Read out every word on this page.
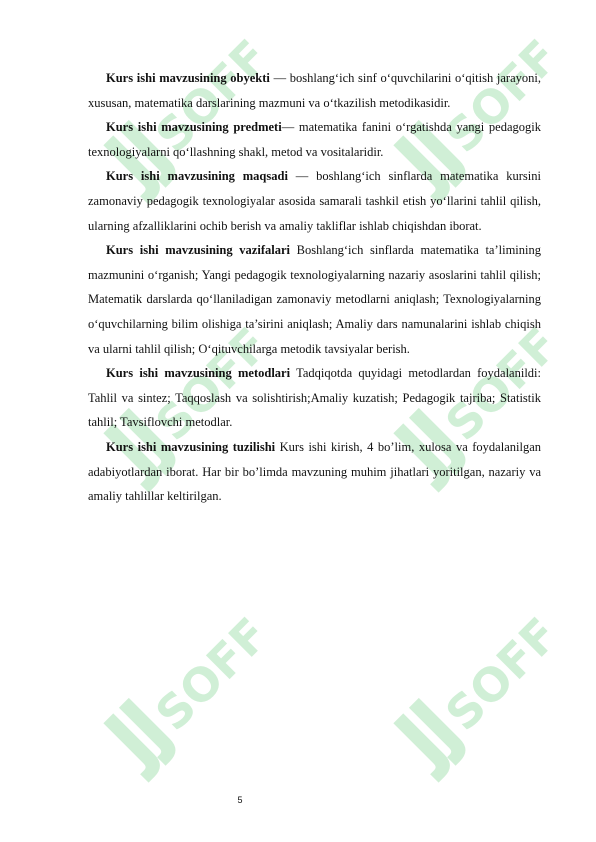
Kurs ishi mavzusining obyekti — boshlang‘ich sinf o‘quvchilarini o‘qitish jarayoni, xususan, matematika darslarining mazmuni va o‘tkazilish metodikasidir.

Kurs ishi mavzusining predmeti— matematika fanini o‘rgatishda yangi pedagogik texnologiyalarni qo‘llashning shakl, metod va vositalaridir.

Kurs ishi mavzusining maqsadi — boshlang‘ich sinflarda matematika kursini zamonaviy pedagogik texnologiyalar asosida samarali tashkil etish yo‘llarini tahlil qilish, ularning afzalliklarini ochib berish va amaliy takliflar ishlab chiqishdan iborat.

Kurs ishi mavzusining vazifalari Boshlang‘ich sinflarda matematika ta’limining mazmunini o‘rganish; Yangi pedagogik texnologiyalarning nazariy asoslarini tahlil qilish; Matematik darslarda qo‘llaniladigan zamonaviy metodlarni aniqlash; Texnologiyalarning o‘quvchilarning bilim olishiga ta’sirini aniqlash; Amaliy dars namunalarini ishlab chiqish va ularni tahlil qilish; O‘qituvchilarga metodik tavsiyalar berish.

Kurs ishi mavzusining metodlari Tadqiqotda quyidagi metodlardan foydalanildi: Tahlil va sintez; Taqqoslash va solishtirish;Amaliy kuzatish; Pedagogik tajriba; Statistik tahlil; Tavsiflovchi metodlar.

Kurs ishi mavzusining tuzilishi Kurs ishi kirish, 4 bo’lim, xulosa va foydalanilgan adabiyotlardan iborat. Har bir bo’limda mavzuning muhim jihatlari yoritilgan, nazariy va amaliy tahlillar keltirilgan.

5
